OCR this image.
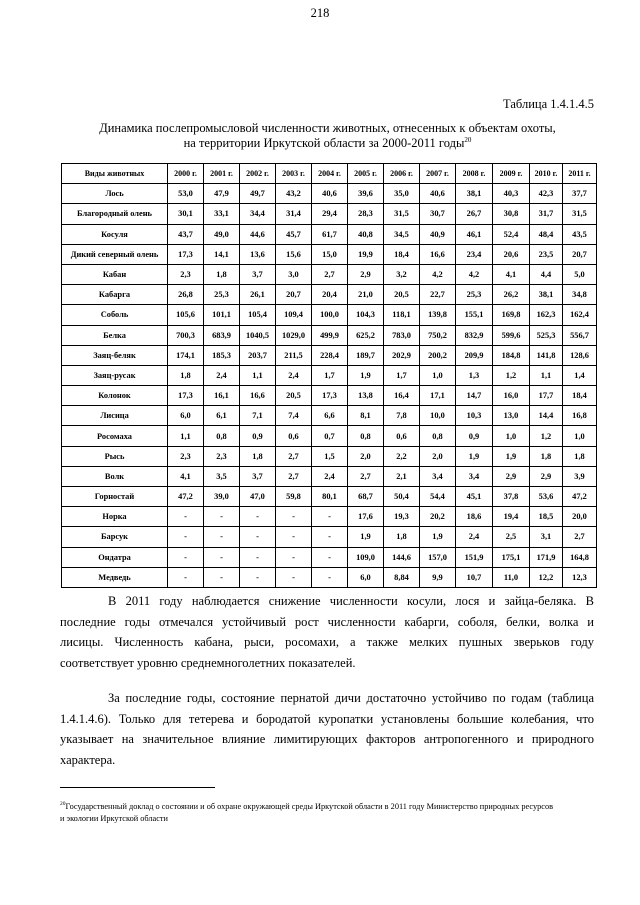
218
Таблица 1.4.1.4.5
Динамика послепромысловой численности животных, отнесенных к объектам охоты,
на территории Иркутской области за 2000-2011 годы$^{20}$
Виды животных	2000 г.	2001 г.	2002 г.	2003 г.	2004 г.	2005 г.	2006 г.	2007 г.	2008 г.	2009 г.	2010 г.	2011 г.
Лось	53,0	47,9	49,7	43,2	40,6	39,6	35,0	40,6	38,1	40,3	42,3	37,7
Благородный олень	30,1	33,1	34,4	31,4	29,4	28,3	31,5	30,7	26,7	30,8	31,7	31,5
Косуля	43,7	49,0	44,6	45,7	61,7	40,8	34,5	40,9	46,1	52,4	48,4	43,5
Дикий северный олень	17,3	14,1	13,6	15,6	15,0	19,9	18,4	16,6	23,4	20,6	23,5	20,7
Кабан	2,3	1,8	3,7	3,0	2,7	2,9	3,2	4,2	4,2	4,1	4,4	5,0
Кабарга	26,8	25,3	26,1	20,7	20,4	21,0	20,5	22,7	25,3	26,2	38,1	34,8
Соболь	105,6	101,1	105,4	109,4	100,0	104,3	118,1	139,8	155,1	169,8	162,3	162,4
Белка	700,3	683,9	1040,5	1029,0	499,9	625,2	783,0	750,2	832,9	599,6	525,3	556,7
Заяц-беляк	174,1	185,3	203,7	211,5	228,4	189,7	202,9	200,2	209,9	184,8	141,8	128,6
Заяц-русак	1,8	2,4	1,1	2,4	1,7	1,9	1,7	1,0	1,3	1,2	1,1	1,4
Колонок	17,3	16,1	16,6	20,5	17,3	13,8	16,4	17,1	14,7	16,0	17,7	18,4
Лисица	6,0	6,1	7,1	7,4	6,6	8,1	7,8	10,0	10,3	13,0	14,4	16,8
Росомаха	1,1	0,8	0,9	0,6	0,7	0,8	0,6	0,8	0,9	1,0	1,2	1,0
Рысь	2,3	2,3	1,8	2,7	1,5	2,0	2,2	2,0	1,9	1,9	1,8	1,8
Волк	4,1	3,5	3,7	2,7	2,4	2,7	2,1	3,4	3,4	2,9	2,9	3,9
Горностай	47,2	39,0	47,0	59,8	80,1	68,7	50,4	54,4	45,1	37,8	53,6	47,2
Норка	-	-	-	-	-	17,6	19,3	20,2	18,6	19,4	18,5	20,0
Барсук	-	-	-	-	-	1,9	1,8	1,9	2,4	2,5	3,1	2,7
Ондатра	-	-	-	-	-	109,0	144,6	157,0	151,9	175,1	171,9	164,8
Медведь	-	-	-	-	-	6,0	8,84	9,9	10,7	11,0	12,2	12,3
В 2011 году наблюдается снижение численности косули, лося и зайца-беляка. В
последние годы отмечался устойчивый рост численности кабарги, соболя, белки, волка и
лисицы. Численность кабана, рыси, росомахи, а также мелких пушных зверьков году
соответствует уровню среднемноголетних показателей.
За последние годы, состояние пернатой дичи достаточно устойчиво по годам (таблица
1.4.1.4.6). Только для тетерева и бородатой куропатки установлены большие колебания, что
указывает на значительное влияние лимитирующих факторов антропогенного и природного
характера.
$^{20}$Государственный доклад о состоянии и об охране окружающей среды Иркутской области в 2011 году Министерство природных ресурсов
и экологии Иркутской области
